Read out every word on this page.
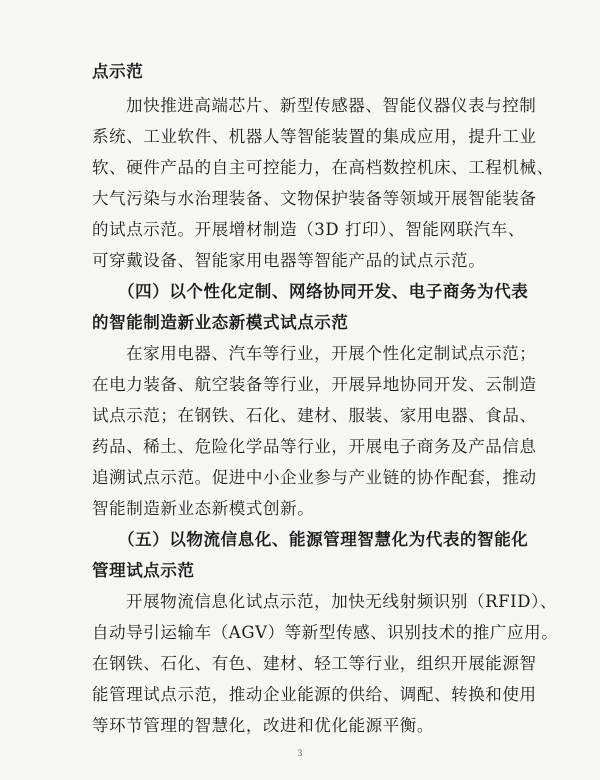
点示范
加快推进高端芯片、新型传感器、智能仪器仪表与控制
系统、工业软件、机器人等智能装置的集成应用，提升工业
软、硬件产品的自主可控能力，在高档数控机床、工程机械、
大气污染与水治理装备、文物保护装备等领域开展智能装备
的试点示范。开展增材制造（3D 打印）、智能网联汽车、
可穿戴设备、智能家用电器等智能产品的试点示范。
（四）以个性化定制、网络协同开发、电子商务为代表
的智能制造新业态新模式试点示范
在家用电器、汽车等行业，开展个性化定制试点示范；
在电力装备、航空装备等行业，开展异地协同开发、云制造
试点示范；在钢铁、石化、建材、服装、家用电器、食品、
药品、稀土、危险化学品等行业，开展电子商务及产品信息
追溯试点示范。促进中小企业参与产业链的协作配套，推动
智能制造新业态新模式创新。
（五）以物流信息化、能源管理智慧化为代表的智能化
管理试点示范
开展物流信息化试点示范，加快无线射频识别（RFID）、
自动导引运输车（AGV）等新型传感、识别技术的推广应用。
在钢铁、石化、有色、建材、轻工等行业，组织开展能源智
能管理试点示范，推动企业能源的供给、调配、转换和使用
等环节管理的智慧化，改进和优化能源平衡。
3
